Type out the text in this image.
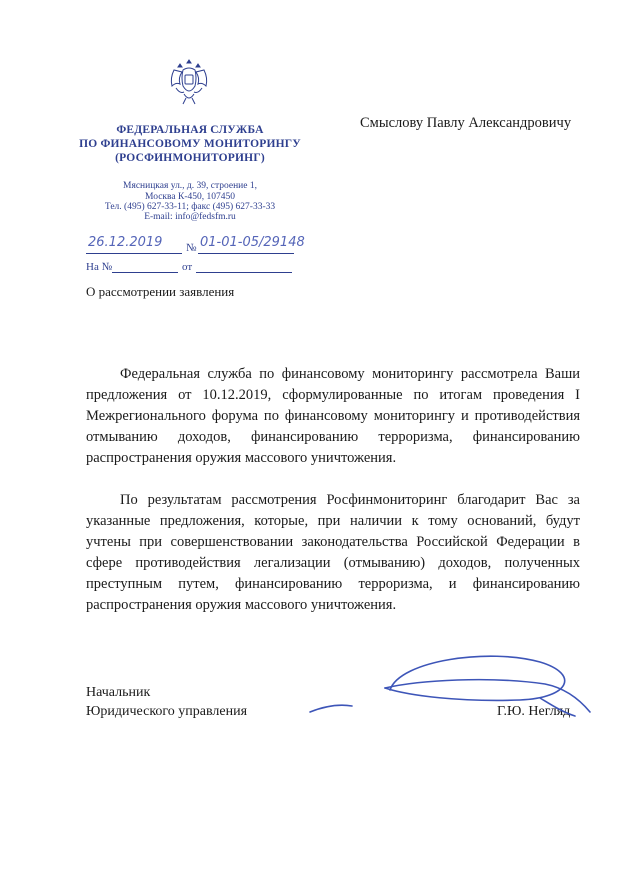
ФЕДЕРАЛЬНАЯ СЛУЖБА
ПО ФИНАНСОВОМУ МОНИТОРИНГУ
(РОСФИНМОНИТОРИНГ)
Мясницкая ул., д. 39, строение 1,
Москва К-450, 107450
Тел. (495) 627-33-11; факс (495) 627-33-33
E-mail: info@fedsfm.ru
Смыслову Павлу Александровичу
26.12.2019 № 01-01-05/29148
На №	от
О рассмотрении заявления

Федеральная служба по финансовому мониторингу рассмотрела Ваши предложения от 10.12.2019, сформулированные по итогам проведения I Межрегионального форума по финансовому мониторингу и противодействия отмыванию доходов, финансированию терроризма, финансированию распространения оружия массового уничтожения.

По результатам рассмотрения Росфинмониторинг благодарит Вас за указанные предложения, которые, при наличии к тому оснований, будут учтены при совершенствовании законодательства Российской Федерации в сфере противодействия легализации (отмыванию) доходов, полученных преступным путем, финансированию терроризма, и финансированию распространения оружия массового уничтожения.

Начальник
Юридического управления	Г.Ю. Негляд
